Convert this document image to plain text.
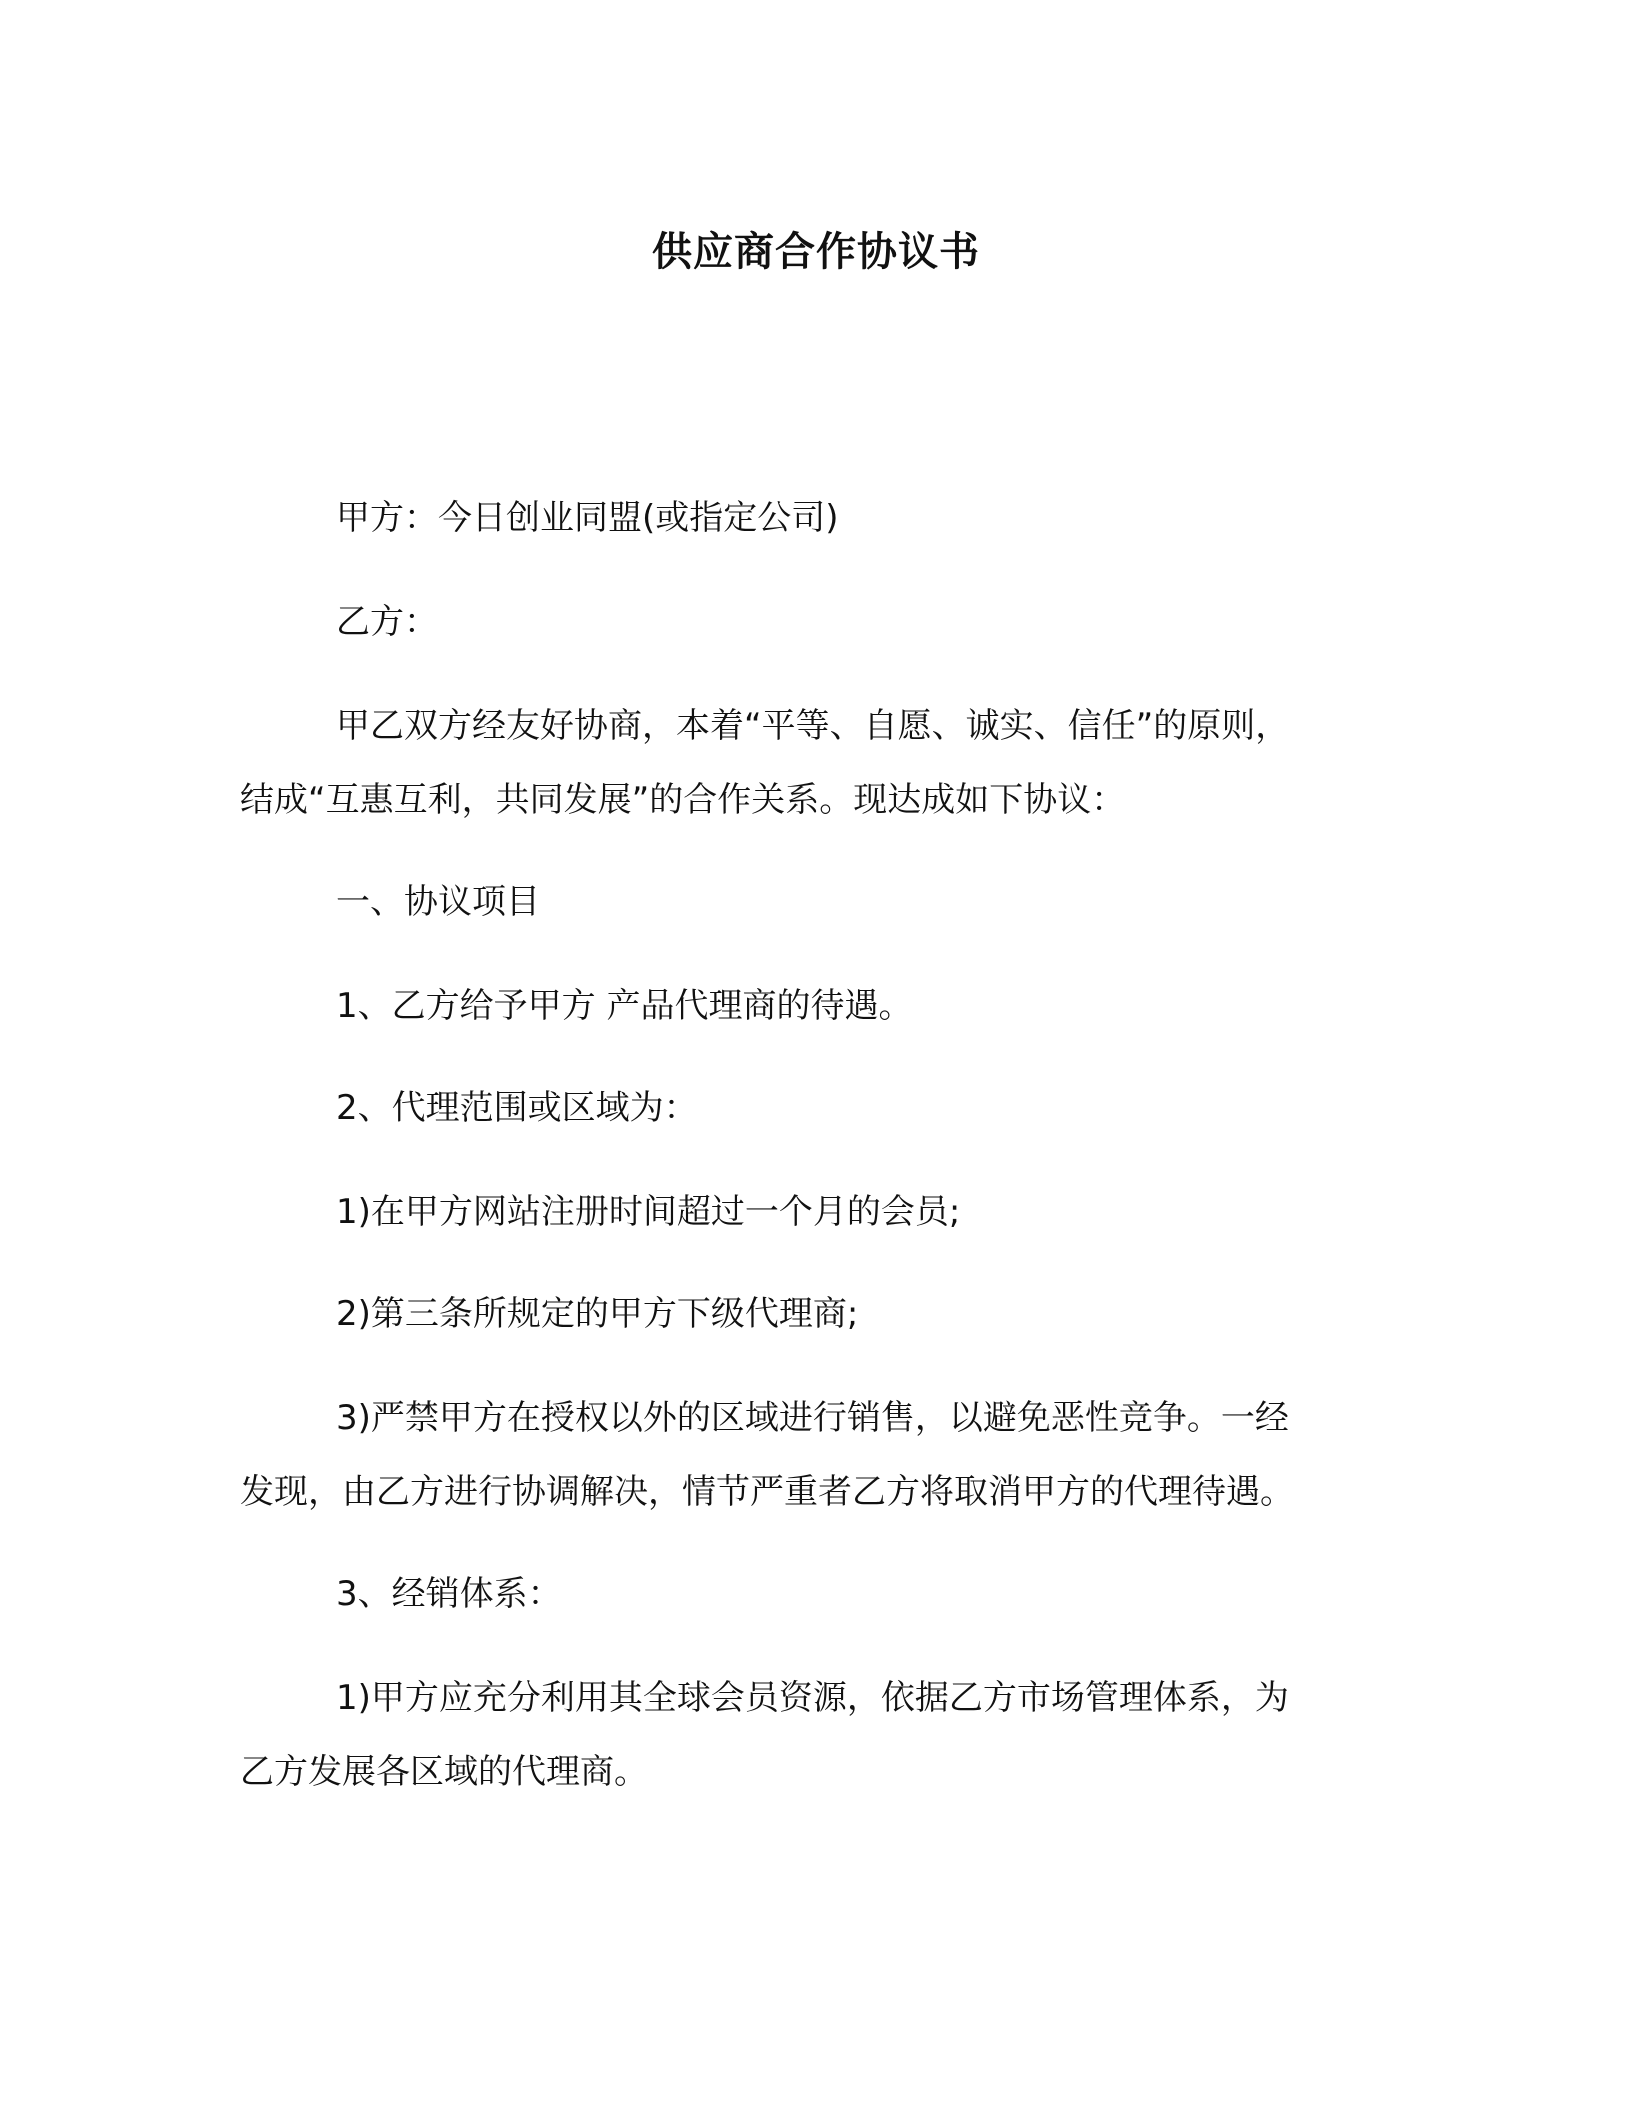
供应商合作协议书
甲方：今日创业同盟(或指定公司)
乙方：
甲乙双方经友好协商，本着“平等、自愿、诚实、信任”的原则，
结成“互惠互利，共同发展”的合作关系。现达成如下协议：
一、协议项目
1、乙方给予甲方 产品代理商的待遇。
2、代理范围或区域为：
1)在甲方网站注册时间超过一个月的会员;
2)第三条所规定的甲方下级代理商;
3)严禁甲方在授权以外的区域进行销售，以避免恶性竞争。一经
发现，由乙方进行协调解决，情节严重者乙方将取消甲方的代理待遇。
3、经销体系：
1)甲方应充分利用其全球会员资源，依据乙方市场管理体系，为
乙方发展各区域的代理商。
